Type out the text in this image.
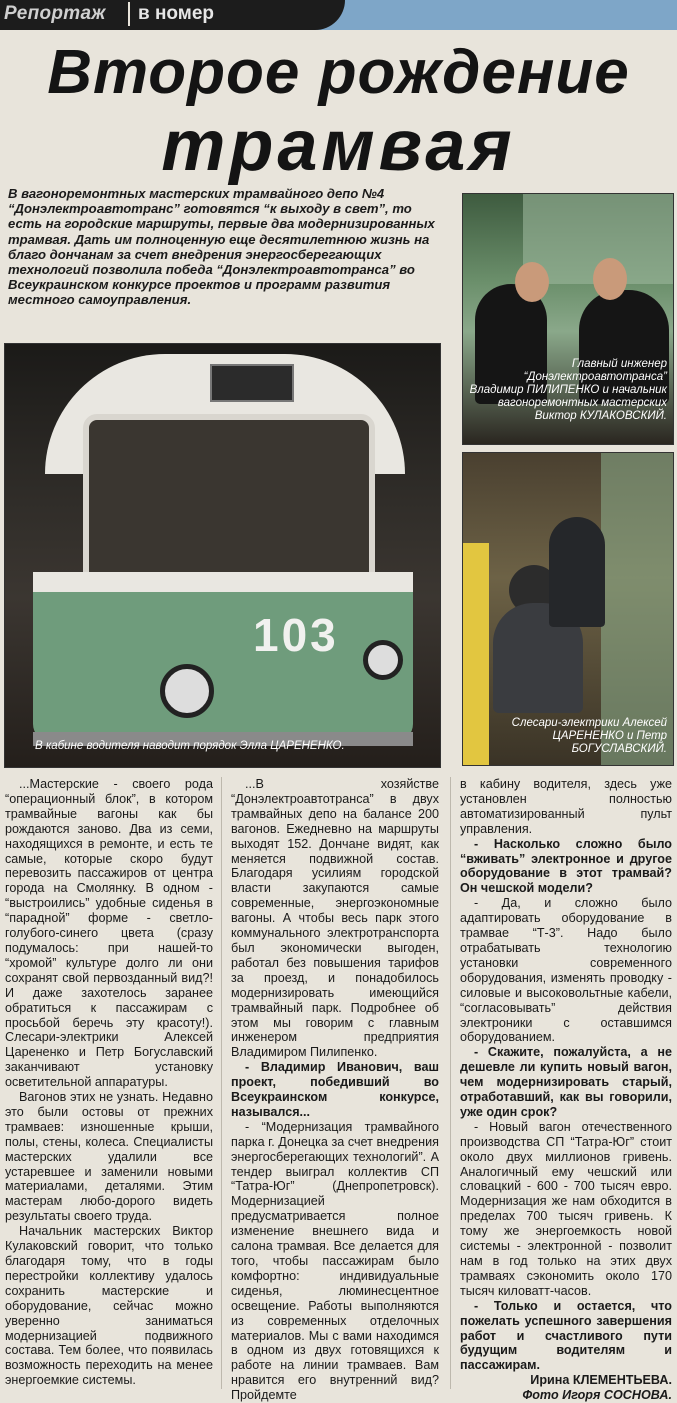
Репортаж в номер
Второе рождение
трамвая

В вагоноремонтных мастерских трамвайного депо №4 “Донэлектроавтотранс” готовятся “к выходу в свет”, то есть на городские маршруты, первые два модернизированных трамвая. Дать им полноценную еще десятилетнюю жизнь на благо дончанам за счет внедрения энергосберегающих технологий позволила победа “Донэлектроавтотранса” во Всеукраинском конкурсе проектов и программ развития местного самоуправления.

103
В кабине водителя наводит порядок Элла ЦАРЕНЕНКО.
Главный инженер “Донэлектроавтотранса” Владимир ПИЛИПЕНКО и начальник вагоноремонтных мастерских Виктор КУЛАКОВСКИЙ.
Слесари-электрики Алексей ЦАРЕНЕНКО и Петр БОГУСЛАВСКИЙ.

...Мастерские - своего рода “операционный блок”, в котором трамвайные вагоны как бы рождаются заново. Два из семи, находящихся в ремонте, и есть те самые, которые скоро будут перевозить пассажиров от центра города на Смолянку. В одном - “выстроились” удобные сиденья в “парадной” форме - светло-голубого-синего цвета (сразу подумалось: при нашей-то “хромой” культуре долго ли они сохранят свой первозданный вид?! И даже захотелось заранее обратиться к пассажирам с просьбой беречь эту красоту!). Слесари-электрики Алексей Царененко и Петр Богуславский заканчивают установку осветительной аппаратуры.

Вагонов этих не узнать. Недавно это были остовы от прежних трамваев: изношенные крыши, полы, стены, колеса. Специалисты мастерских удалили все устаревшее и заменили новыми материалами, деталями. Этим мастерам любо-дорого видеть результаты своего труда.

Начальник мастерских Виктор Кулаковский говорит, что только благодаря тому, что в годы перестройки коллективу удалось сохранить мастерские и оборудование, сейчас можно уверенно заниматься модернизацией подвижного состава. Тем более, что появилась возможность переходить на менее энергоемкие системы.

...В хозяйстве “Донэлектроавтотранса” в двух трамвайных депо на балансе 200 вагонов. Ежедневно на маршруты выходят 152. Дончане видят, как меняется подвижной состав. Благодаря усилиям городской власти закупаются самые современные, энергоэкономные вагоны. А чтобы весь парк этого коммунального электротранспорта был экономически выгоден, работал без повышения тарифов за проезд, и понадобилось модернизировать имеющийся трамвайный парк. Подробнее об этом мы говорим с главным инженером предприятия Владимиром Пилипенко.

- Владимир Иванович, ваш проект, победивший во Всеукраинском конкурсе, назывался...

- “Модернизация трамвайного парка г. Донецка за счет внедрения энергосберегающих технологий”. А тендер выиграл коллектив СП “Татра-Юг” (Днепропетровск). Модернизацией предусматривается полное изменение внешнего вида и салона трамвая. Все делается для того, чтобы пассажирам было комфортно: индивидуальные сиденья, люминесцентное освещение. Работы выполняются из современных отделочных материалов. Мы с вами находимся в одном из двух готовящихся к работе на линии трамваев. Вам нравится его внутренний вид? Пройдемте

в кабину водителя, здесь уже установлен полностью автоматизированный пульт управления.

- Насколько сложно было “вживать” электронное и другое оборудование в этот трамвай? Он чешской модели?

- Да, и сложно было адаптировать оборудование в трамвае “Т-3”. Надо было отрабатывать технологию установки современного оборудования, изменять проводку - силовые и высоковольтные кабели, “согласовывать” действия электроники с оставшимся оборудованием.

- Скажите, пожалуйста, а не дешевле ли купить новый вагон, чем модернизировать старый, отработавший, как вы говорили, уже один срок?

- Новый вагон отечественного производства СП “Татра-Юг” стоит около двух миллионов гривень. Аналогичный ему чешский или словацкий - 600 - 700 тысяч евро. Модернизация же нам обходится в пределах 700 тысяч гривень. К тому же энергоемкость новой системы - электронной - позволит нам в год только на этих двух трамваях сэкономить около 170 тысяч киловатт-часов.

- Только и остается, что пожелать успешного завершения работ и счастливого пути будущим водителям и пассажирам.

Ирина КЛЕМЕНТЬЕВА.
Фото Игоря СОСНОВА.
